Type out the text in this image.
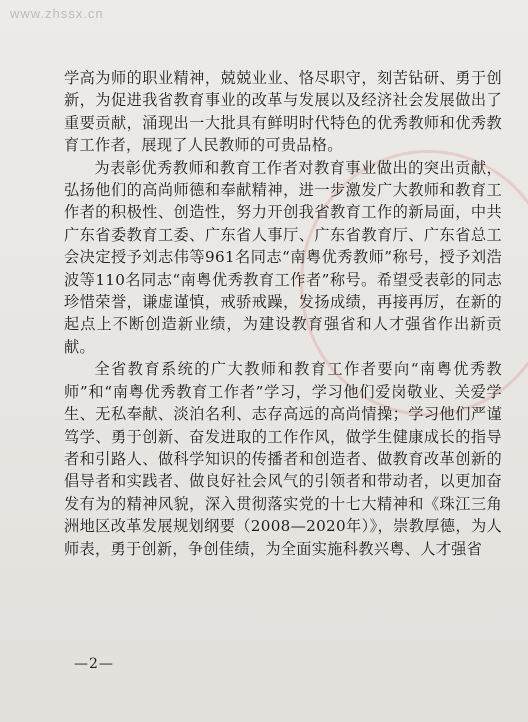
www.zhssx.cn

学高为师的职业精神，兢兢业业、恪尽职守，刻苦钻研、勇于创新，为促进我省教育事业的改革与发展以及经济社会发展做出了重要贡献，涌现出一大批具有鲜明时代特色的优秀教师和优秀教育工作者，展现了人民教师的可贵品格。

为表彰优秀教师和教育工作者对教育事业做出的突出贡献，弘扬他们的高尚师德和奉献精神，进一步激发广大教师和教育工作者的积极性、创造性，努力开创我省教育工作的新局面，中共广东省委教育工委、广东省人事厅、广东省教育厅、广东省总工会决定授予刘志伟等961名同志“南粤优秀教师”称号，授予刘浩波等110名同志“南粤优秀教育工作者”称号。希望受表彰的同志珍惜荣誉，谦虚谨慎，戒骄戒躁，发扬成绩，再接再厉，在新的起点上不断创造新业绩，为建设教育强省和人才强省作出新贡献。

全省教育系统的广大教师和教育工作者要向“南粤优秀教师”和“南粤优秀教育工作者”学习，学习他们爱岗敬业、关爱学生、无私奉献、淡泊名利、志存高远的高尚情操；学习他们严谨笃学、勇于创新、奋发进取的工作作风，做学生健康成长的指导者和引路人、做科学知识的传播者和创造者、做教育改革创新的倡导者和实践者、做良好社会风气的引领者和带动者，以更加奋发有为的精神风貌，深入贯彻落实党的十七大精神和《珠江三角洲地区改革发展规划纲要（2008—2020年）》，崇教厚德，为人师表，勇于创新，争创佳绩，为全面实施科教兴粤、人才强省

—2—
